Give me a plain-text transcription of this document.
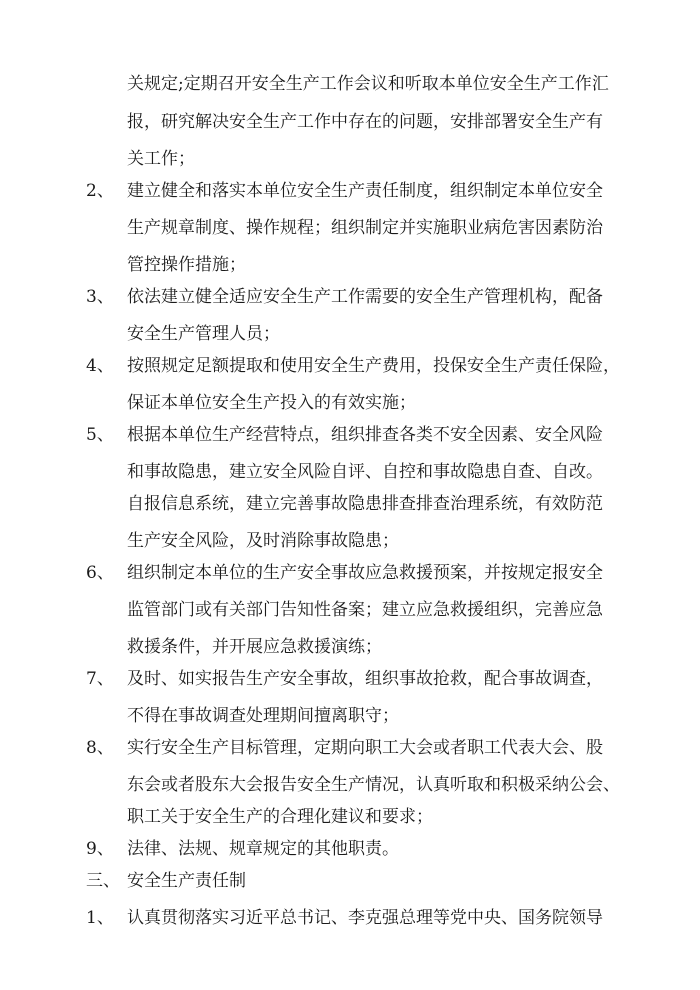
关规定;定期召开安全生产工作会议和听取本单位安全生产工作汇
报，研究解决安全生产工作中存在的问题，安排部署安全生产有
关工作；
2、 建立健全和落实本单位安全生产责任制度，组织制定本单位安全
生产规章制度、操作规程；组织制定并实施职业病危害因素防治
管控操作措施；
3、 依法建立健全适应安全生产工作需要的安全生产管理机构，配备
安全生产管理人员；
4、 按照规定足额提取和使用安全生产费用，投保安全生产责任保险，
保证本单位安全生产投入的有效实施；
5、 根据本单位生产经营特点，组织排查各类不安全因素、安全风险
和事故隐患，建立安全风险自评、自控和事故隐患自查、自改。
自报信息系统，建立完善事故隐患排查排查治理系统，有效防范
生产安全风险，及时消除事故隐患；
6、 组织制定本单位的生产安全事故应急救援预案，并按规定报安全
监管部门或有关部门告知性备案；建立应急救援组织，完善应急
救援条件，并开展应急救援演练；
7、 及时、如实报告生产安全事故，组织事故抢救，配合事故调查，
不得在事故调查处理期间擅离职守；
8、 实行安全生产目标管理，定期向职工大会或者职工代表大会、股
东会或者股东大会报告安全生产情况，认真听取和积极采纳公会、
职工关于安全生产的合理化建议和要求；
9、 法律、法规、规章规定的其他职责。
三、 安全生产责任制
1、 认真贯彻落实习近平总书记、李克强总理等党中央、国务院领导
